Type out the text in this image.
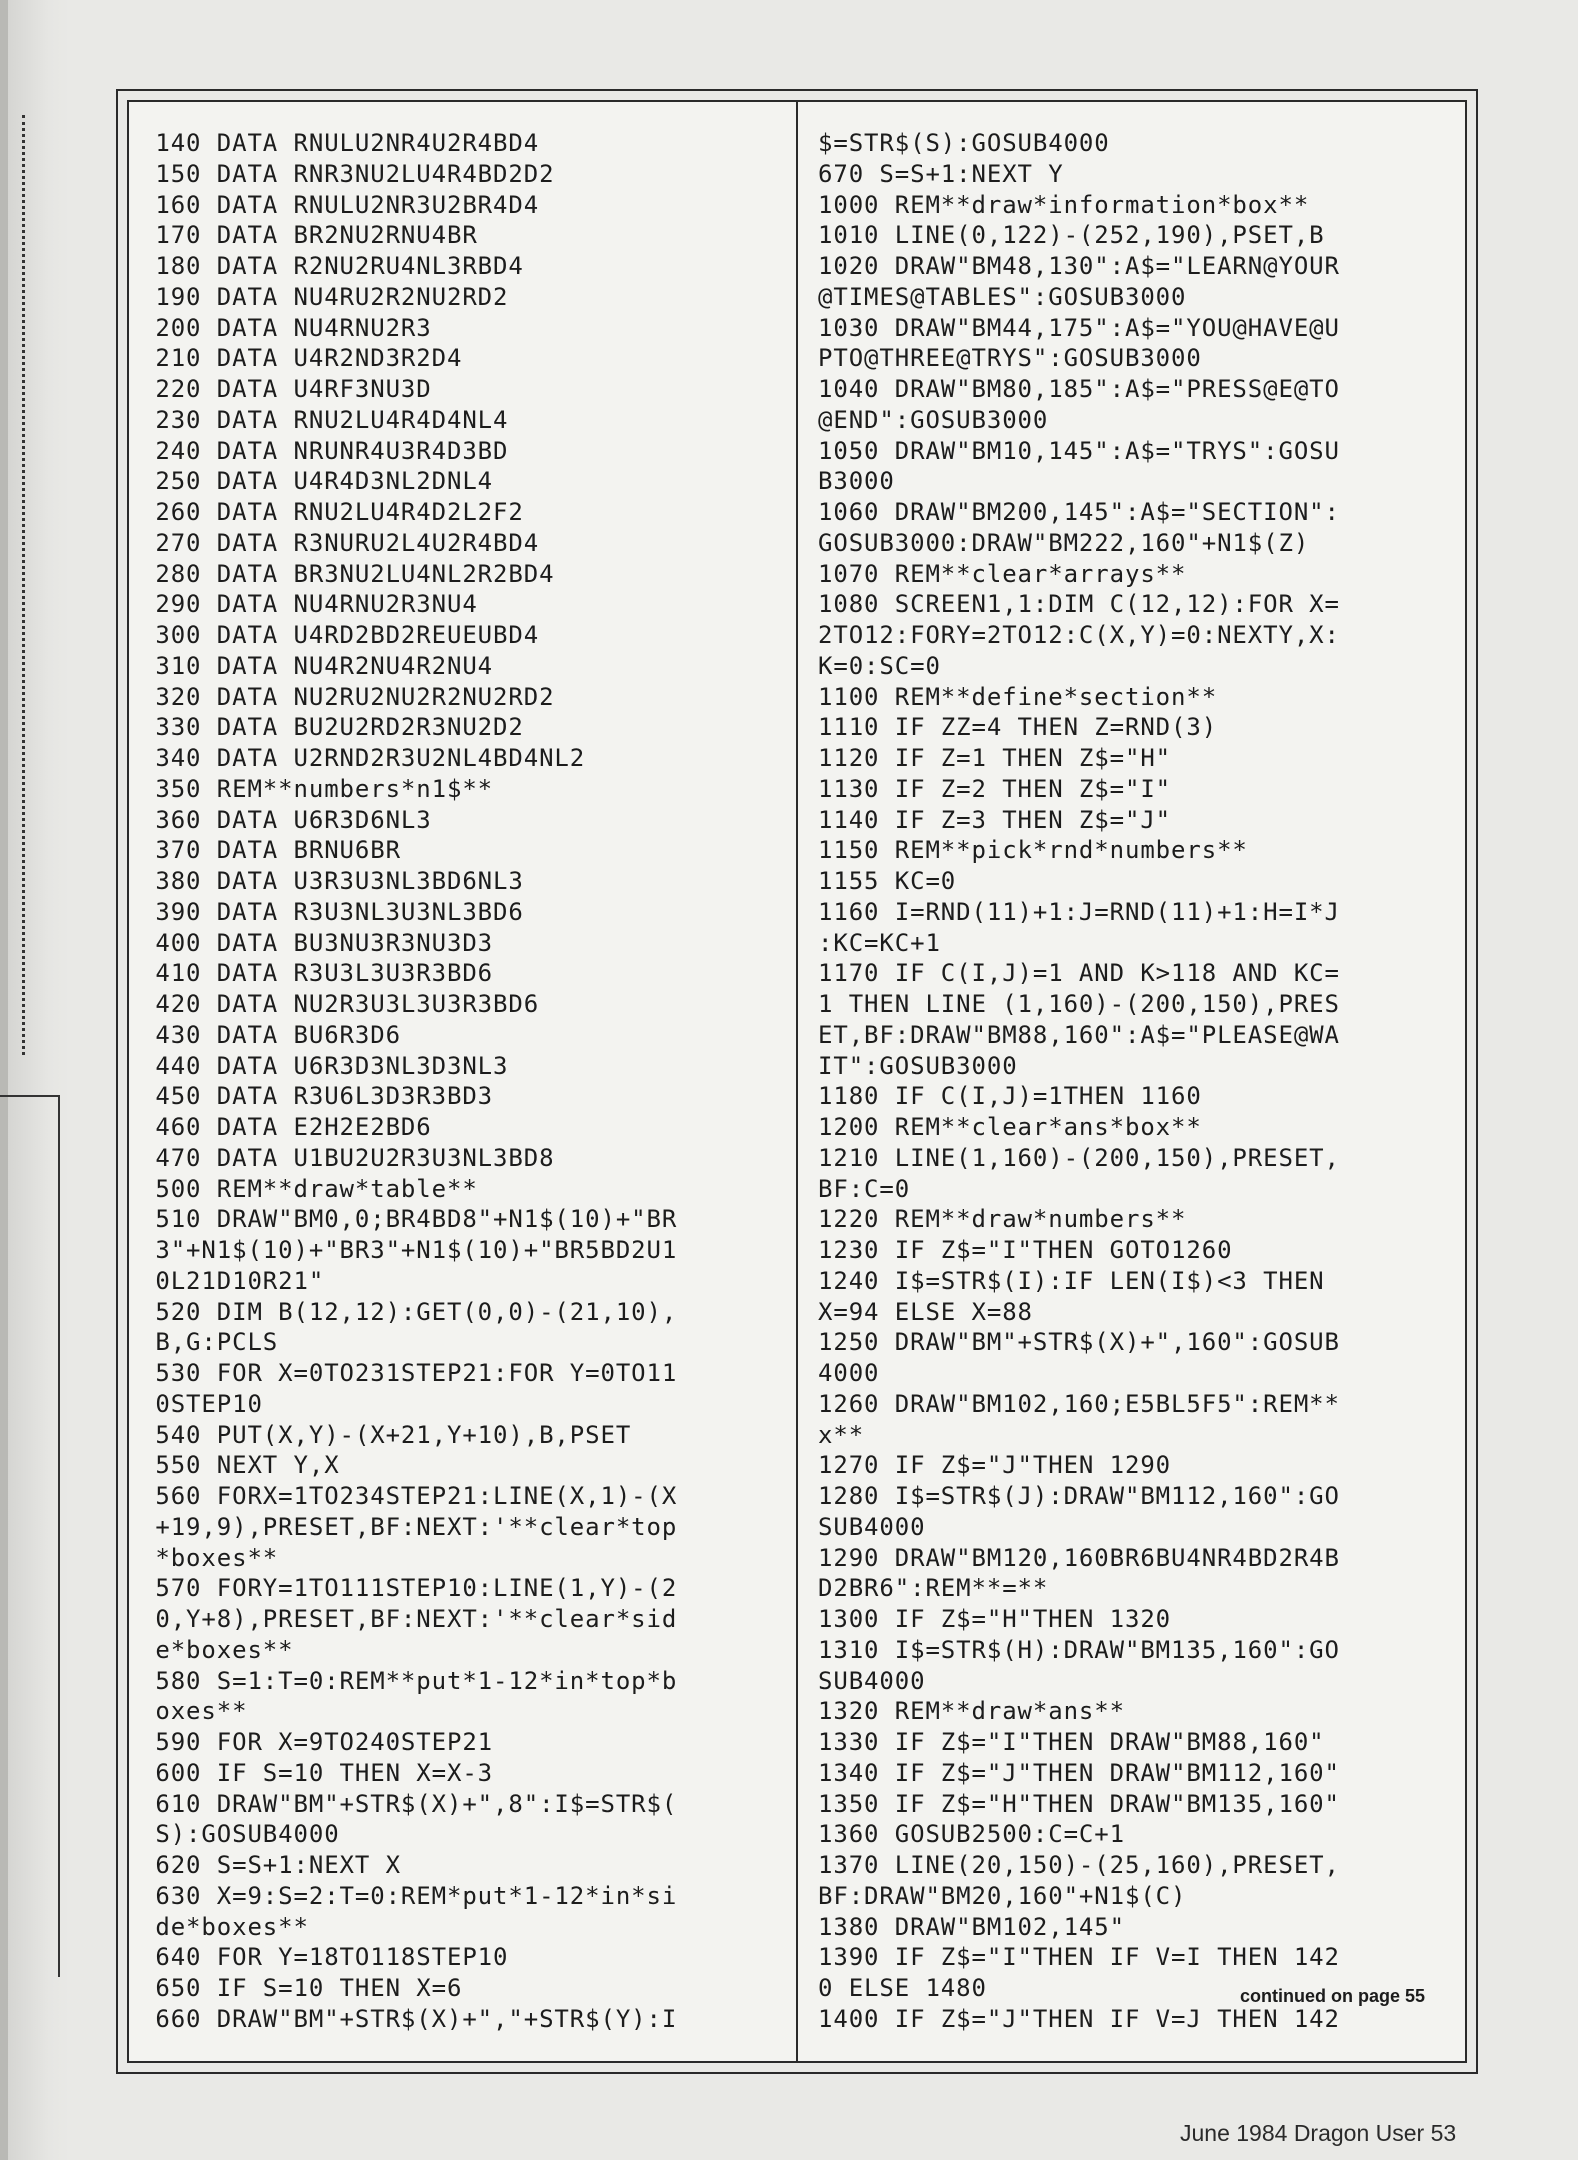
140 DATA RNULU2NR4U2R4BD4
150 DATA RNR3NU2LU4R4BD2D2
160 DATA RNULU2NR3U2BR4D4
170 DATA BR2NU2RNU4BR
180 DATA R2NU2RU4NL3RBD4
190 DATA NU4RU2R2NU2RD2
200 DATA NU4RNU2R3
210 DATA U4R2ND3R2D4
220 DATA U4RF3NU3D
230 DATA RNU2LU4R4D4NL4
240 DATA NRUNR4U3R4D3BD
250 DATA U4R4D3NL2DNL4
260 DATA RNU2LU4R4D2L2F2
270 DATA R3NURU2L4U2R4BD4
280 DATA BR3NU2LU4NL2R2BD4
290 DATA NU4RNU2R3NU4
300 DATA U4RD2BD2REUEUBD4
310 DATA NU4R2NU4R2NU4
320 DATA NU2RU2NU2R2NU2RD2
330 DATA BU2U2RD2R3NU2D2
340 DATA U2RND2R3U2NL4BD4NL2
350 REM**numbers*n1$**
360 DATA U6R3D6NL3
370 DATA BRNU6BR
380 DATA U3R3U3NL3BD6NL3
390 DATA R3U3NL3U3NL3BD6
400 DATA BU3NU3R3NU3D3
410 DATA R3U3L3U3R3BD6
420 DATA NU2R3U3L3U3R3BD6
430 DATA BU6R3D6
440 DATA U6R3D3NL3D3NL3
450 DATA R3U6L3D3R3BD3
460 DATA E2H2E2BD6
470 DATA U1BU2U2R3U3NL3BD8
500 REM**draw*table**
510 DRAW"BM0,0;BR4BD8"+N1$(10)+"BR
3"+N1$(10)+"BR3"+N1$(10)+"BR5BD2U1
0L21D10R21"
520 DIM B(12,12):GET(0,0)-(21,10),
B,G:PCLS
530 FOR X=0TO231STEP21:FOR Y=0TO11
0STEP10
540 PUT(X,Y)-(X+21,Y+10),B,PSET
550 NEXT Y,X
560 FORX=1TO234STEP21:LINE(X,1)-(X
+19,9),PRESET,BF:NEXT:'**clear*top
*boxes**
570 FORY=1TO111STEP10:LINE(1,Y)-(2
0,Y+8),PRESET,BF:NEXT:'**clear*sid
e*boxes**
580 S=1:T=0:REM**put*1-12*in*top*b
oxes**
590 FOR X=9TO240STEP21
600 IF S=10 THEN X=X-3
610 DRAW"BM"+STR$(X)+",8":I$=STR$(
S):GOSUB4000
620 S=S+1:NEXT X
630 X=9:S=2:T=0:REM*put*1-12*in*si
de*boxes**
640 FOR Y=18TO118STEP10
650 IF S=10 THEN X=6
660 DRAW"BM"+STR$(X)+","+STR$(Y):I
$=STR$(S):GOSUB4000
670 S=S+1:NEXT Y
1000 REM**draw*information*box**
1010 LINE(0,122)-(252,190),PSET,B
1020 DRAW"BM48,130":A$="LEARN@YOUR
@TIMES@TABLES":GOSUB3000
1030 DRAW"BM44,175":A$="YOU@HAVE@U
PTO@THREE@TRYS":GOSUB3000
1040 DRAW"BM80,185":A$="PRESS@E@TO
@END":GOSUB3000
1050 DRAW"BM10,145":A$="TRYS":GOSU
B3000
1060 DRAW"BM200,145":A$="SECTION":
GOSUB3000:DRAW"BM222,160"+N1$(Z)
1070 REM**clear*arrays**
1080 SCREEN1,1:DIM C(12,12):FOR X=
2TO12:FORY=2TO12:C(X,Y)=0:NEXTY,X:
K=0:SC=0
1100 REM**define*section**
1110 IF ZZ=4 THEN Z=RND(3)
1120 IF Z=1 THEN Z$="H"
1130 IF Z=2 THEN Z$="I"
1140 IF Z=3 THEN Z$="J"
1150 REM**pick*rnd*numbers**
1155 KC=0
1160 I=RND(11)+1:J=RND(11)+1:H=I*J
:KC=KC+1
1170 IF C(I,J)=1 AND K>118 AND KC=
1 THEN LINE (1,160)-(200,150),PRES
ET,BF:DRAW"BM88,160":A$="PLEASE@WA
IT":GOSUB3000
1180 IF C(I,J)=1THEN 1160
1200 REM**clear*ans*box**
1210 LINE(1,160)-(200,150),PRESET,
BF:C=0
1220 REM**draw*numbers**
1230 IF Z$="I"THEN GOTO1260
1240 I$=STR$(I):IF LEN(I$)<3 THEN
X=94 ELSE X=88
1250 DRAW"BM"+STR$(X)+",160":GOSUB
4000
1260 DRAW"BM102,160;E5BL5F5":REM**
x**
1270 IF Z$="J"THEN 1290
1280 I$=STR$(J):DRAW"BM112,160":GO
SUB4000
1290 DRAW"BM120,160BR6BU4NR4BD2R4B
D2BR6":REM**=**
1300 IF Z$="H"THEN 1320
1310 I$=STR$(H):DRAW"BM135,160":GO
SUB4000
1320 REM**draw*ans**
1330 IF Z$="I"THEN DRAW"BM88,160"
1340 IF Z$="J"THEN DRAW"BM112,160"
1350 IF Z$="H"THEN DRAW"BM135,160"
1360 GOSUB2500:C=C+1
1370 LINE(20,150)-(25,160),PRESET,
BF:DRAW"BM20,160"+N1$(C)
1380 DRAW"BM102,145"
1390 IF Z$="I"THEN IF V=I THEN 142
0 ELSE 1480
1400 IF Z$="J"THEN IF V=J THEN 142
continued on page 55
June 1984 Dragon User 53
